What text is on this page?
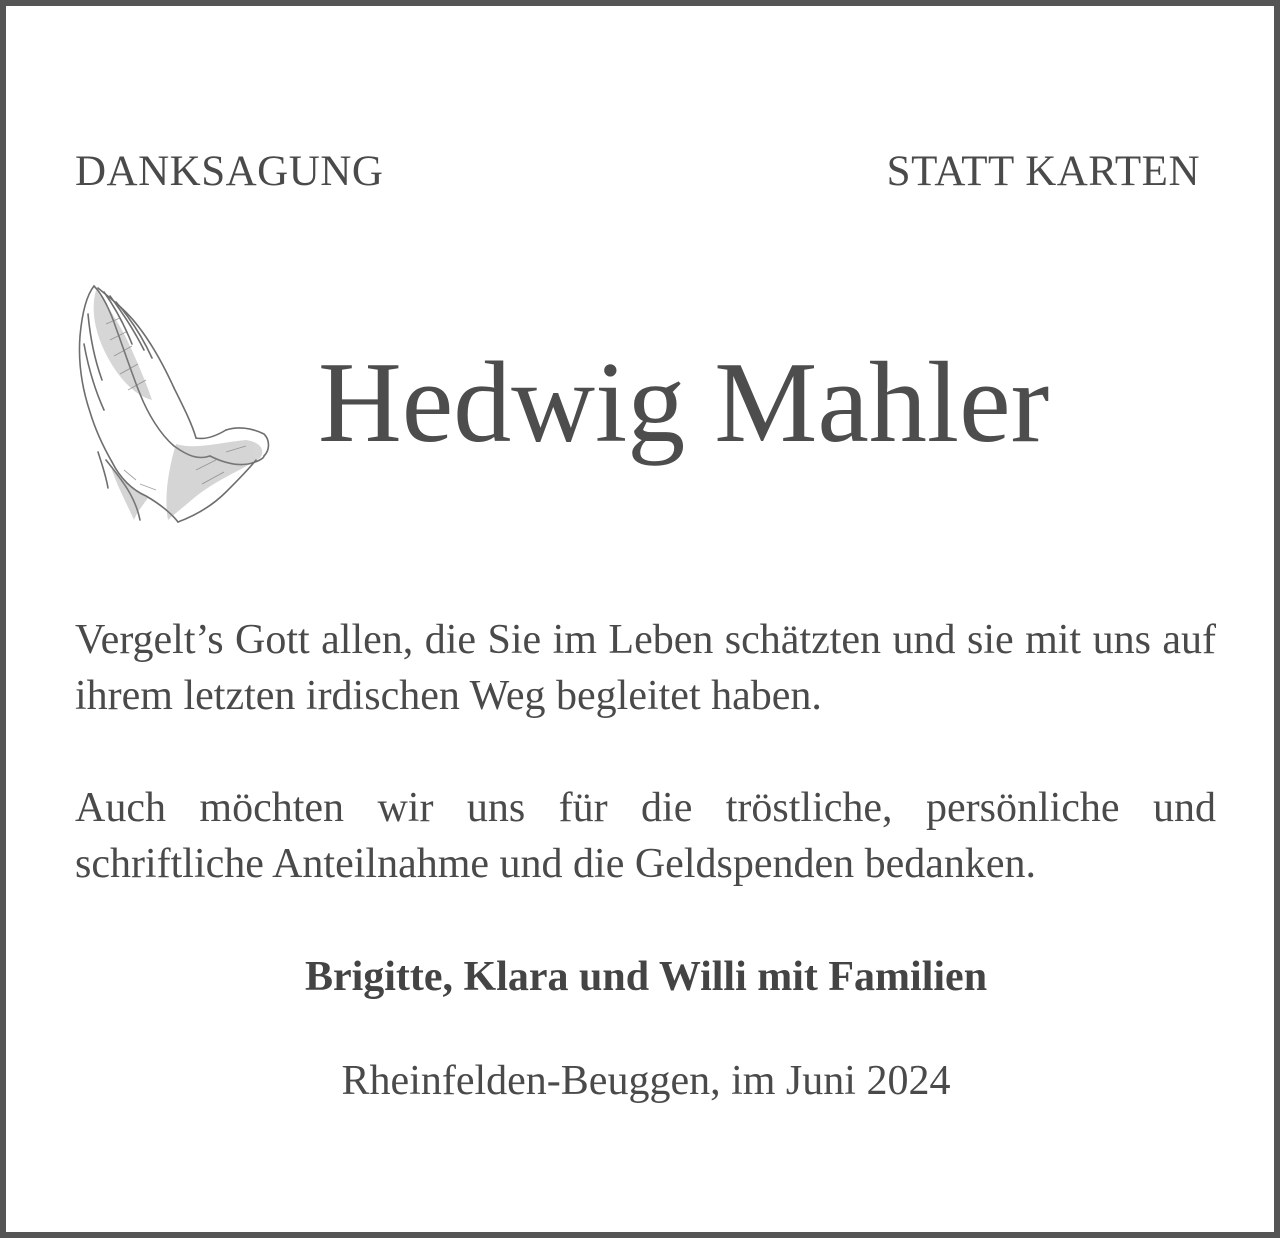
DANKSAGUNG	STATT KARTEN
Hedwig Mahler
Vergelt’s Gott allen, die Sie im Leben schätzten und sie mit uns auf ihrem letzten irdischen Weg begleitet haben.
Auch möchten wir uns für die tröstliche, persönliche und schriftliche Anteilnahme und die Geldspenden bedanken.
Brigitte, Klara und Willi mit Familien
Rheinfelden-Beuggen, im Juni 2024
